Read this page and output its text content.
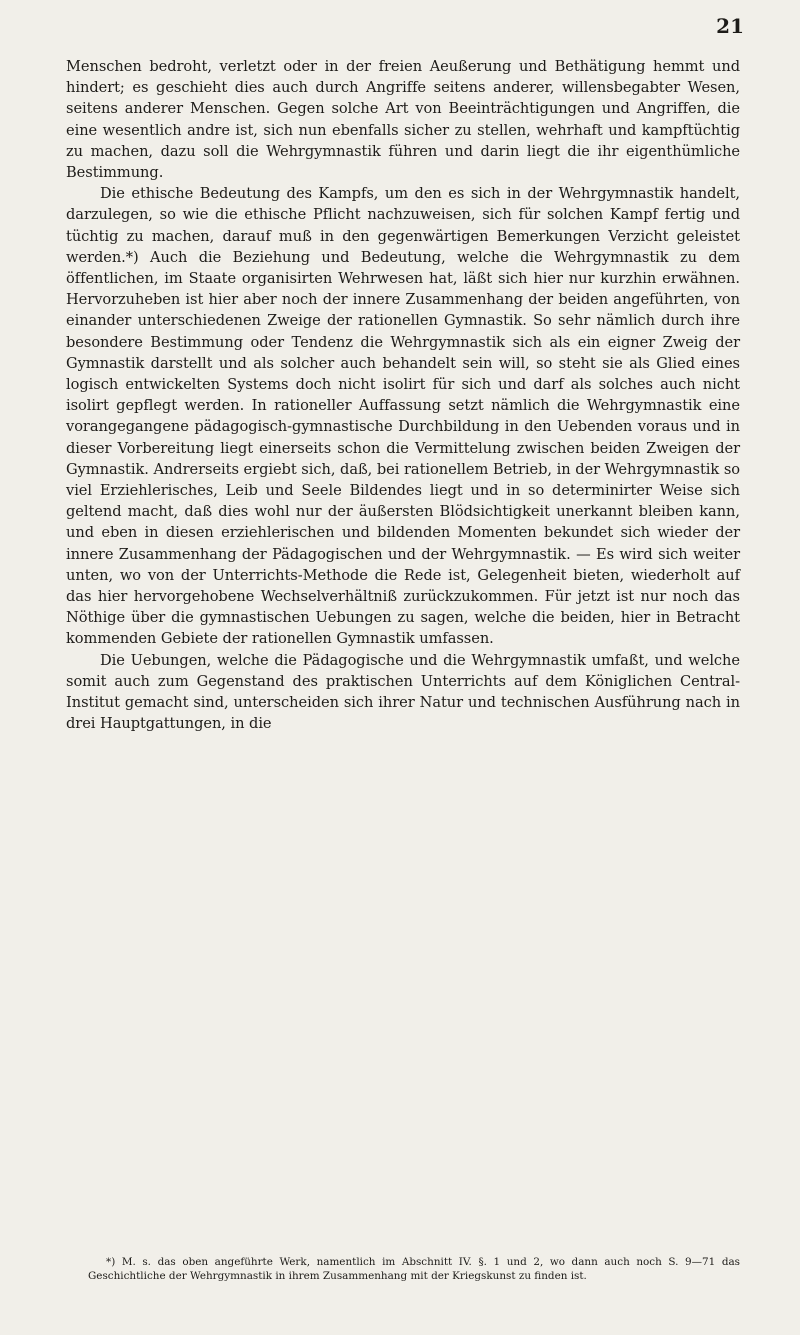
21

Menschen bedroht, verletzt oder in der freien Aeußerung und Bethätigung hemmt und hindert; es geschieht dies auch durch Angriffe seitens anderer, willensbegabter Wesen, seitens anderer Menschen. Gegen solche Art von Beeinträchtigungen und Angriffen, die eine wesentlich andre ist, sich nun ebenfalls sicher zu stellen, wehrhaft und kampftüchtig zu machen, dazu soll die Wehrgymnastik führen und darin liegt die ihr eigenthümliche Bestimmung.

Die ethische Bedeutung des Kampfs, um den es sich in der Wehrgymnastik handelt, darzulegen, so wie die ethische Pflicht nachzuweisen, sich für solchen Kampf fertig und tüchtig zu machen, darauf muß in den gegenwärtigen Bemerkungen Verzicht geleistet werden.*) Auch die Beziehung und Bedeutung, welche die Wehrgymnastik zu dem öffentlichen, im Staate organisirten Wehrwesen hat, läßt sich hier nur kurzhin erwähnen. Hervorzuheben ist hier aber noch der innere Zusammenhang der beiden angeführten, von einander unterschiedenen Zweige der rationellen Gymnastik. So sehr nämlich durch ihre besondere Bestimmung oder Tendenz die Wehrgymnastik sich als ein eigner Zweig der Gymnastik darstellt und als solcher auch behandelt sein will, so steht sie als Glied eines logisch entwickelten Systems doch nicht isolirt für sich und darf als solches auch nicht isolirt gepflegt werden. In rationeller Auffassung setzt nämlich die Wehrgymnastik eine vorangegangene pädagogisch-gymnastische Durchbildung in den Uebenden voraus und in dieser Vorbereitung liegt einerseits schon die Vermittelung zwischen beiden Zweigen der Gymnastik. Andrerseits ergiebt sich, daß, bei rationellem Betrieb, in der Wehrgymnastik so viel Erziehlerisches, Leib und Seele Bildendes liegt und in so determinirter Weise sich geltend macht, daß dies wohl nur der äußersten Blödsichtigkeit unerkannt bleiben kann, und eben in diesen erziehlerischen und bildenden Momenten bekundet sich wieder der innere Zusammenhang der Pädagogischen und der Wehrgymnastik. — Es wird sich weiter unten, wo von der Unterrichts-Methode die Rede ist, Gelegenheit bieten, wiederholt auf das hier hervorgehobene Wechselverhältniß zurückzukommen. Für jetzt ist nur noch das Nöthige über die gymnastischen Uebungen zu sagen, welche die beiden, hier in Betracht kommenden Gebiete der rationellen Gymnastik umfassen.

Die Uebungen, welche die Pädagogische und die Wehrgymnastik umfaßt, und welche somit auch zum Gegenstand des praktischen Unterrichts auf dem Königlichen Central-Institut gemacht sind, unterscheiden sich ihrer Natur und technischen Ausführung nach in drei Hauptgattungen, in die

*) M. s. das oben angeführte Werk, namentlich im Abschnitt IV. §. 1 und 2, wo dann auch noch S. 9—71 das Geschichtliche der Wehrgymnastik in ihrem Zusammenhang mit der Kriegskunst zu finden ist.
